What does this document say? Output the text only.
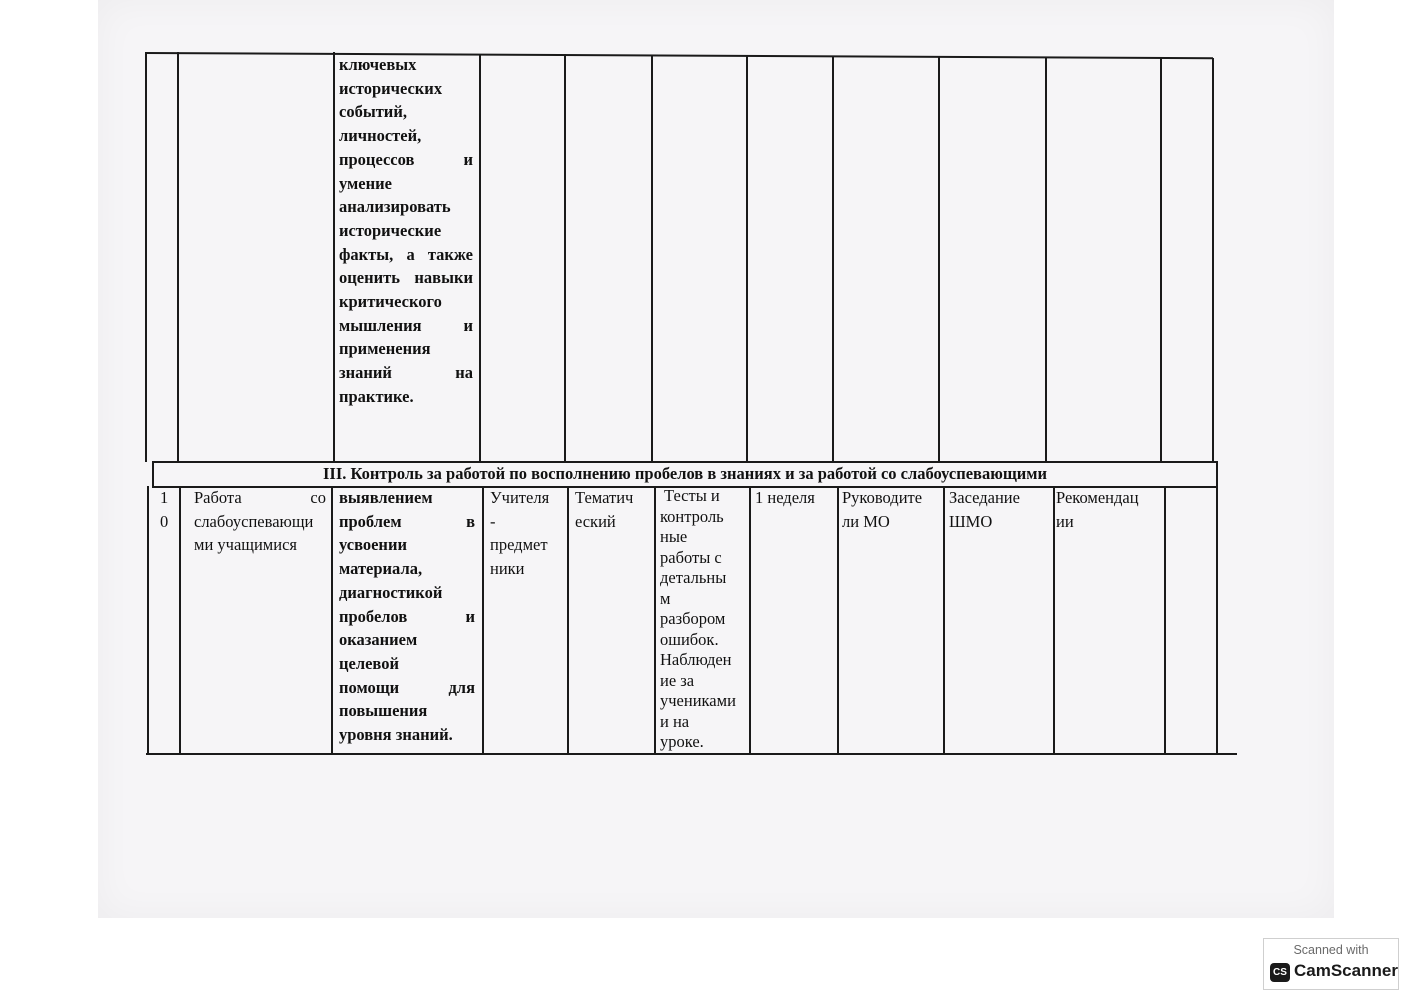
ключевых
исторических
событий,
личностей,
процессов и
умение
анализировать
исторические
факты, а также
оценить навыки
критического
мышления и
применения
знаний на
практике.
III. Контроль за работой по восполнению пробелов в знаниях и за работой со слабоуспевающими
1
0
Работа со
слабоуспевающи
ми учащимися
выявлением
проблем в
усвоении
материала,
диагностикой
пробелов и
оказанием
целевой
помощи для
повышения
уровня знаний.
Учителя
-
предмет
ники
Тематич
еский
Тесты и
контроль
ные
работы с
детальны
м
разбором
ошибок.
Наблюден
ие за
учениками
и на
уроке.
1 неделя	Руководите
ли МО
Заседание
ШМО
Рекомендац
ии
Scanned with
CS CamScanner
